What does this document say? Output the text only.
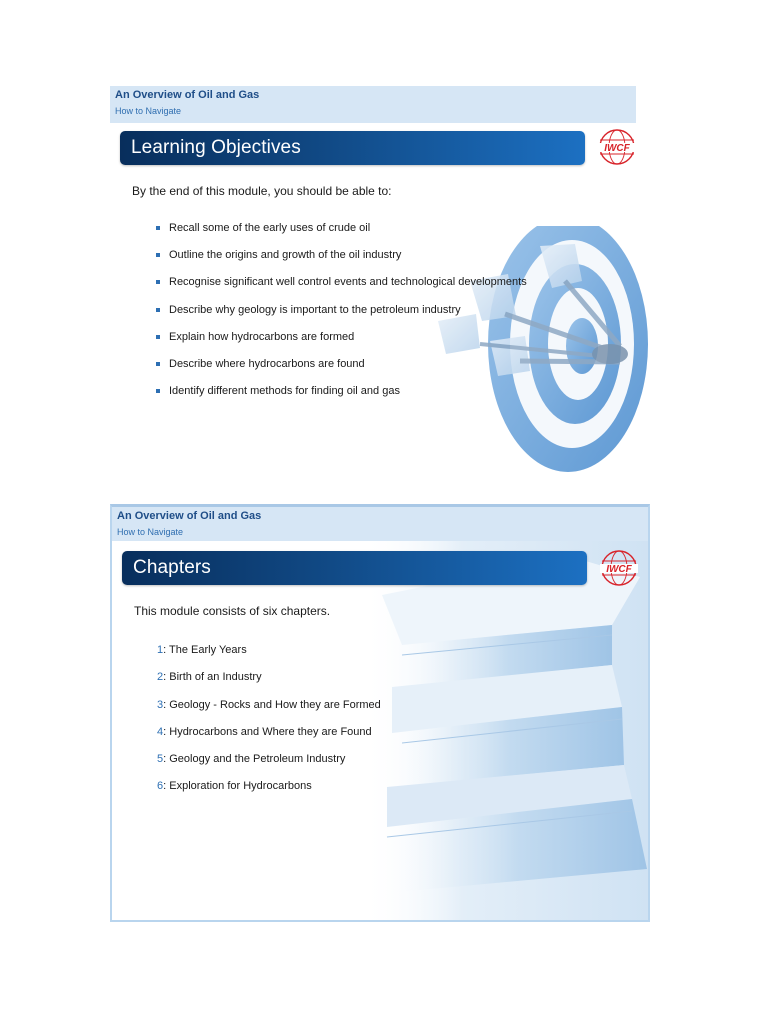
An Overview of Oil and Gas
How to Navigate
Learning Objectives	IWCF
By the end of this module, you should be able to:
Recall some of the early uses of crude oil
Outline the origins and growth of the oil industry
Recognise significant well control events and technological developments
Describe why geology is important to the petroleum industry
Explain how hydrocarbons are formed
Describe where hydrocarbons are found
Identify different methods for finding oil and gas
An Overview of Oil and Gas
How to Navigate
Chapters	IWCF
This module consists of six chapters.
1: The Early Years
2: Birth of an Industry
3: Geology - Rocks and How they are Formed
4: Hydrocarbons and Where they are Found
5: Geology and the Petroleum Industry
6: Exploration for Hydrocarbons
